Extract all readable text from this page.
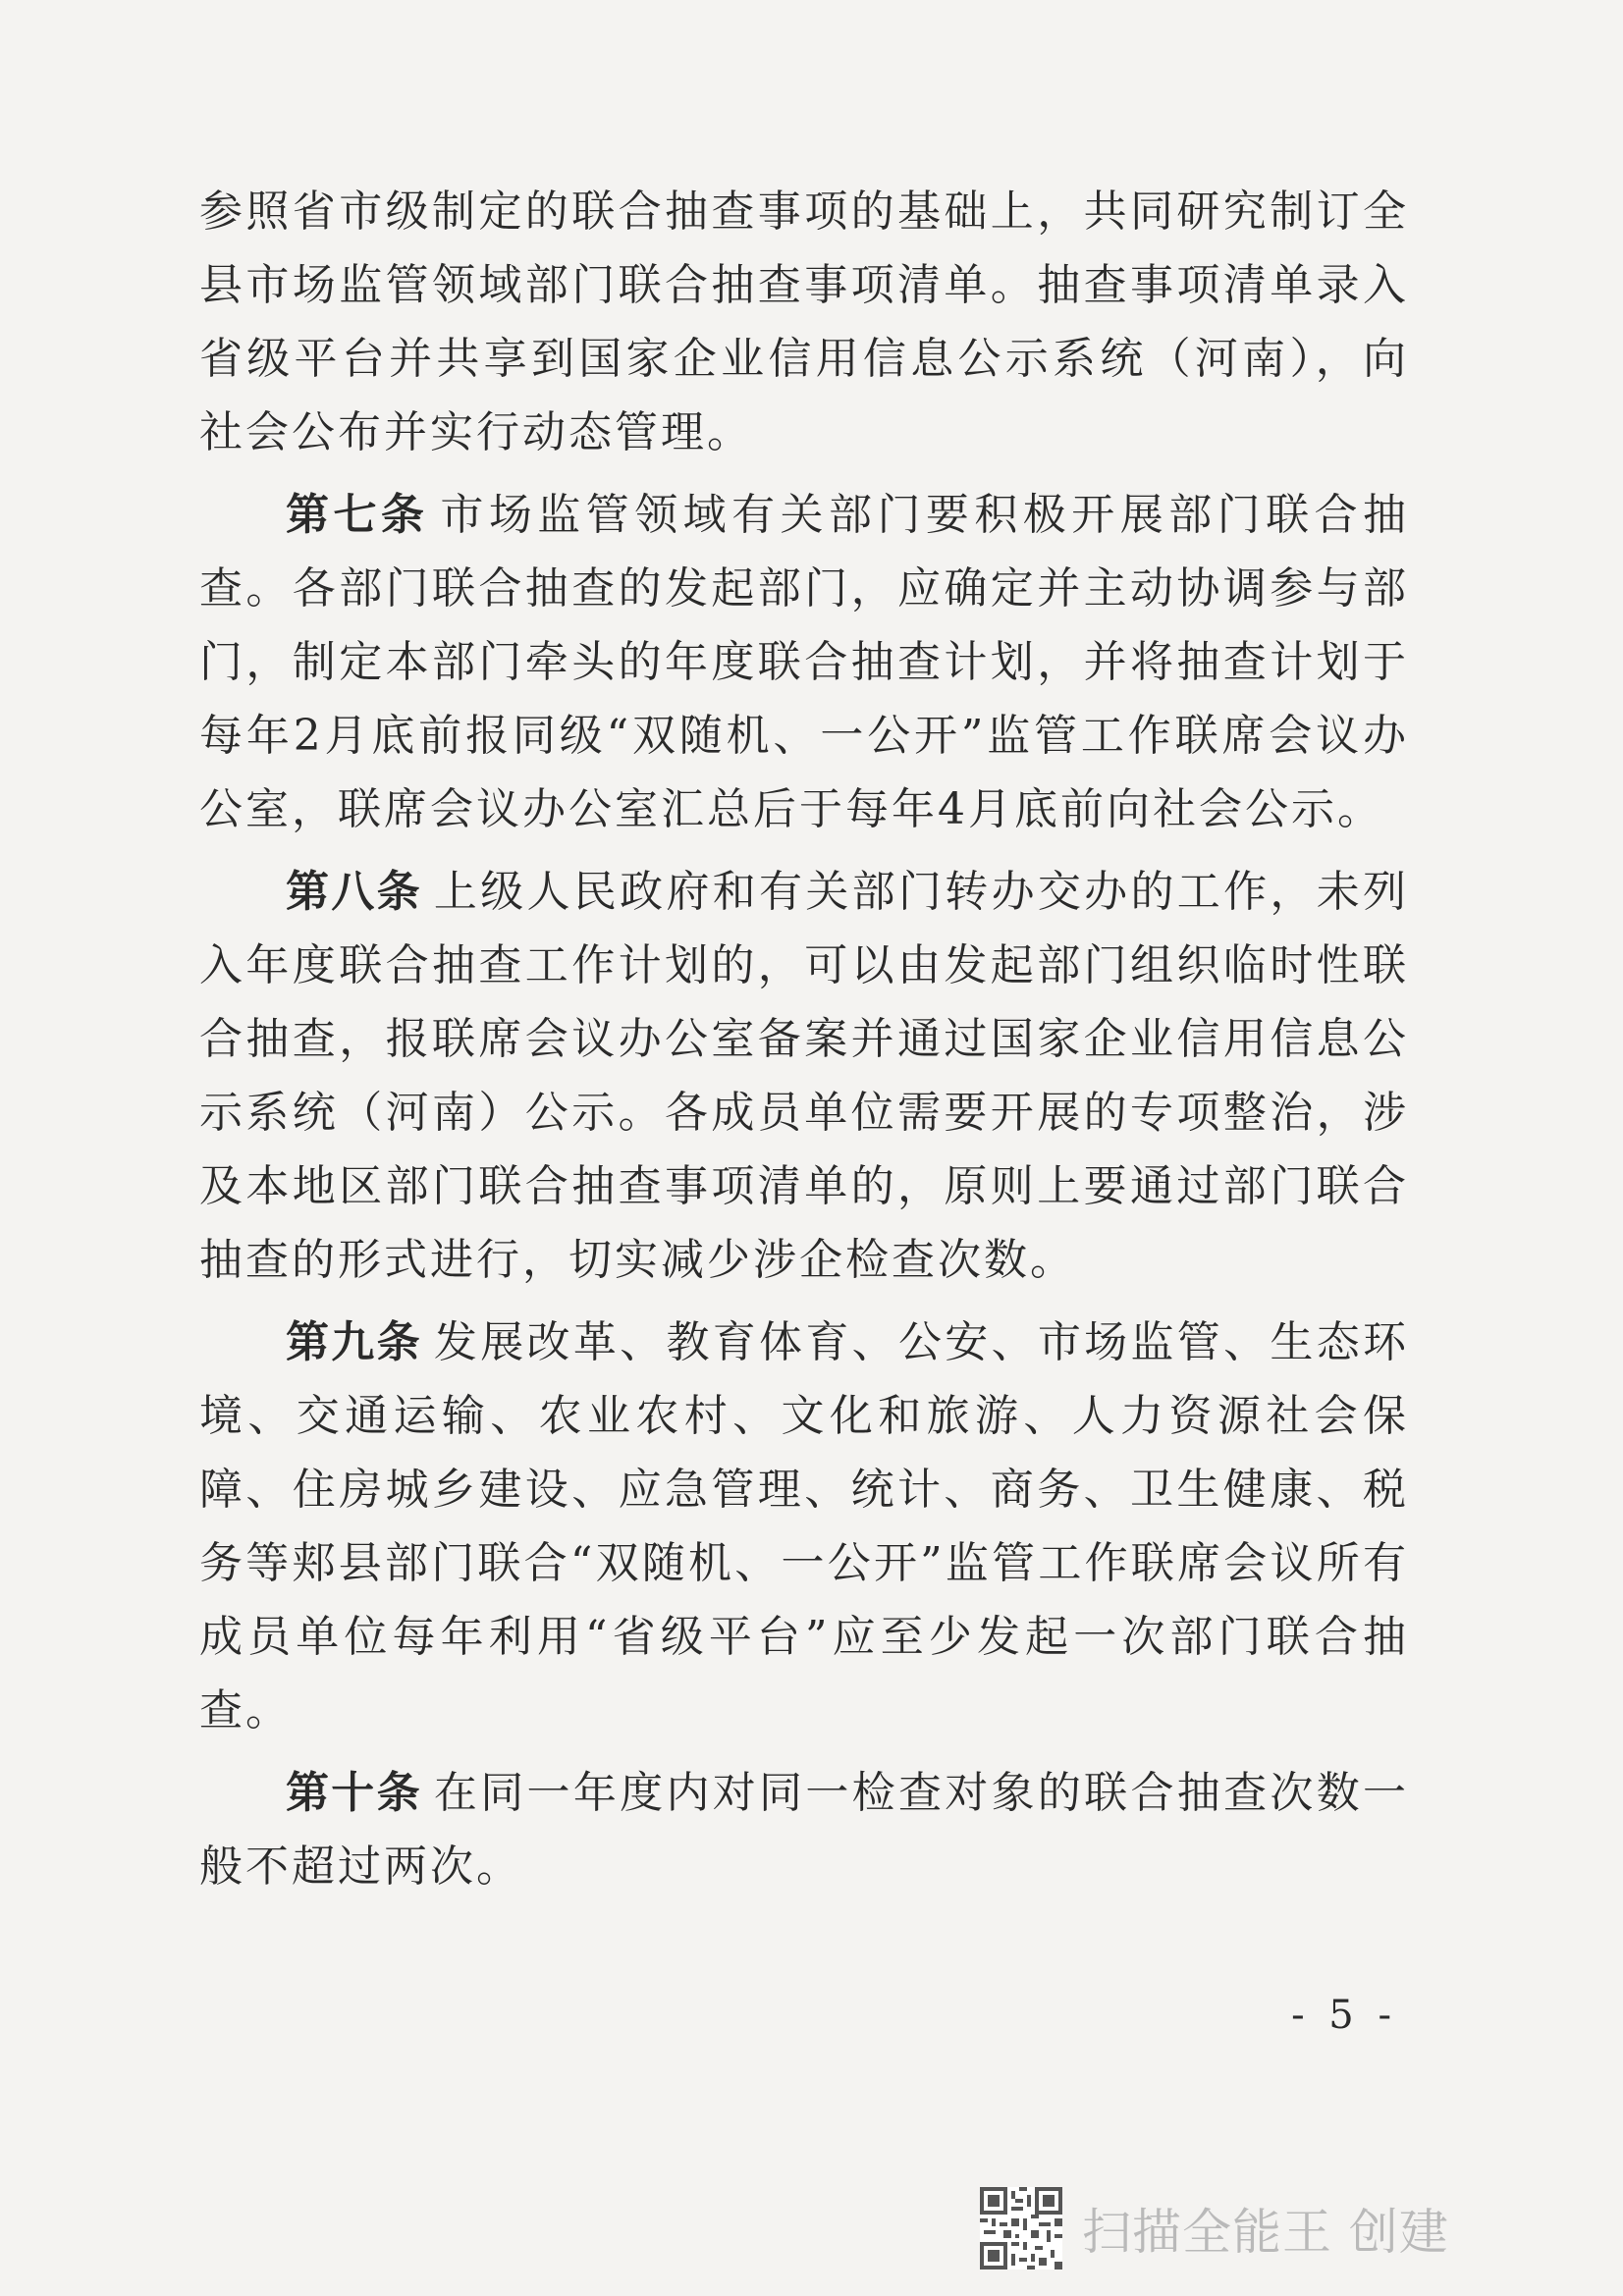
参照省市级制定的联合抽查事项的基础上，共同研究制订全县市场监管领域部门联合抽查事项清单。抽查事项清单录入省级平台并共享到国家企业信用信息公示系统（河南），向社会公布并实行动态管理。

第七条 市场监管领域有关部门要积极开展部门联合抽查。各部门联合抽查的发起部门，应确定并主动协调参与部门，制定本部门牵头的年度联合抽查计划，并将抽查计划于每年2月底前报同级“双随机、一公开”监管工作联席会议办公室，联席会议办公室汇总后于每年4月底前向社会公示。

第八条 上级人民政府和有关部门转办交办的工作，未列入年度联合抽查工作计划的，可以由发起部门组织临时性联合抽查，报联席会议办公室备案并通过国家企业信用信息公示系统（河南）公示。各成员单位需要开展的专项整治，涉及本地区部门联合抽查事项清单的，原则上要通过部门联合抽查的形式进行，切实减少涉企检查次数。

第九条 发展改革、教育体育、公安、市场监管、生态环境、交通运输、农业农村、文化和旅游、人力资源社会保障、住房城乡建设、应急管理、统计、商务、卫生健康、税务等郏县部门联合“双随机、一公开”监管工作联席会议所有成员单位每年利用“省级平台”应至少发起一次部门联合抽查。

第十条 在同一年度内对同一检查对象的联合抽查次数一般不超过两次。

- 5 -
扫描全能王 创建
